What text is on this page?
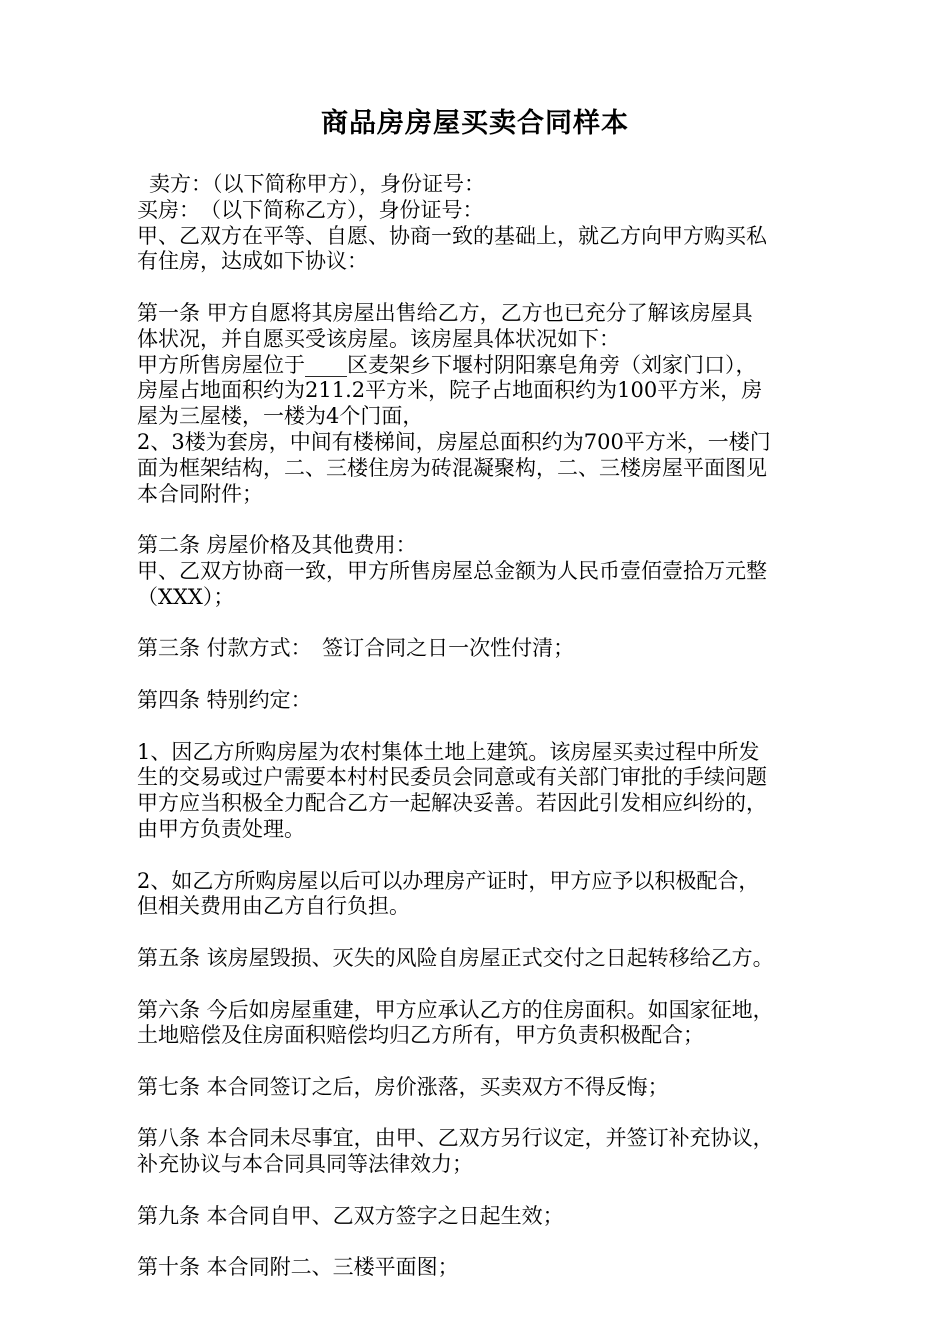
商品房房屋买卖合同样本

卖方：（以下简称甲方），身份证号：

买房：　（以下简称乙方），身份证号：

甲、乙双方在平等、自愿、协商一致的基础上，就乙方向甲方购买私

有住房，达成如下协议：

第一条 甲方自愿将其房屋出售给乙方，乙方也已充分了解该房屋具

体状况，并自愿买受该房屋。该房屋具体状况如下：

甲方所售房屋位于____区麦架乡下堰村阴阳寨皂角旁（刘家门口），

房屋占地面积约为211.2平方米，院子占地面积约为100平方米，房

屋为三屋楼，一楼为4个门面，

2、3楼为套房，中间有楼梯间，房屋总面积约为700平方米，一楼门

面为框架结构，二、三楼住房为砖混凝聚构，二、三楼房屋平面图见

本合同附件；

第二条 房屋价格及其他费用：

甲、乙双方协商一致，甲方所售房屋总金额为人民币壹佰壹拾万元整

（XXX）；

第三条 付款方式：　签订合同之日一次性付清；

第四条 特别约定：

1、因乙方所购房屋为农村集体土地上建筑。该房屋买卖过程中所发

生的交易或过户需要本村村民委员会同意或有关部门审批的手续问题

甲方应当积极全力配合乙方一起解决妥善。若因此引发相应纠纷的，

由甲方负责处理。

2、如乙方所购房屋以后可以办理房产证时，甲方应予以积极配合，

但相关费用由乙方自行负担。

第五条 该房屋毁损、灭失的风险自房屋正式交付之日起转移给乙方。

第六条 今后如房屋重建，甲方应承认乙方的住房面积。如国家征地，

土地赔偿及住房面积赔偿均归乙方所有，甲方负责积极配合；

第七条 本合同签订之后，房价涨落，买卖双方不得反悔；

第八条 本合同未尽事宜，由甲、乙双方另行议定，并签订补充协议，

补充协议与本合同具同等法律效力；

第九条 本合同自甲、乙双方签字之日起生效；

第十条 本合同附二、三楼平面图；
